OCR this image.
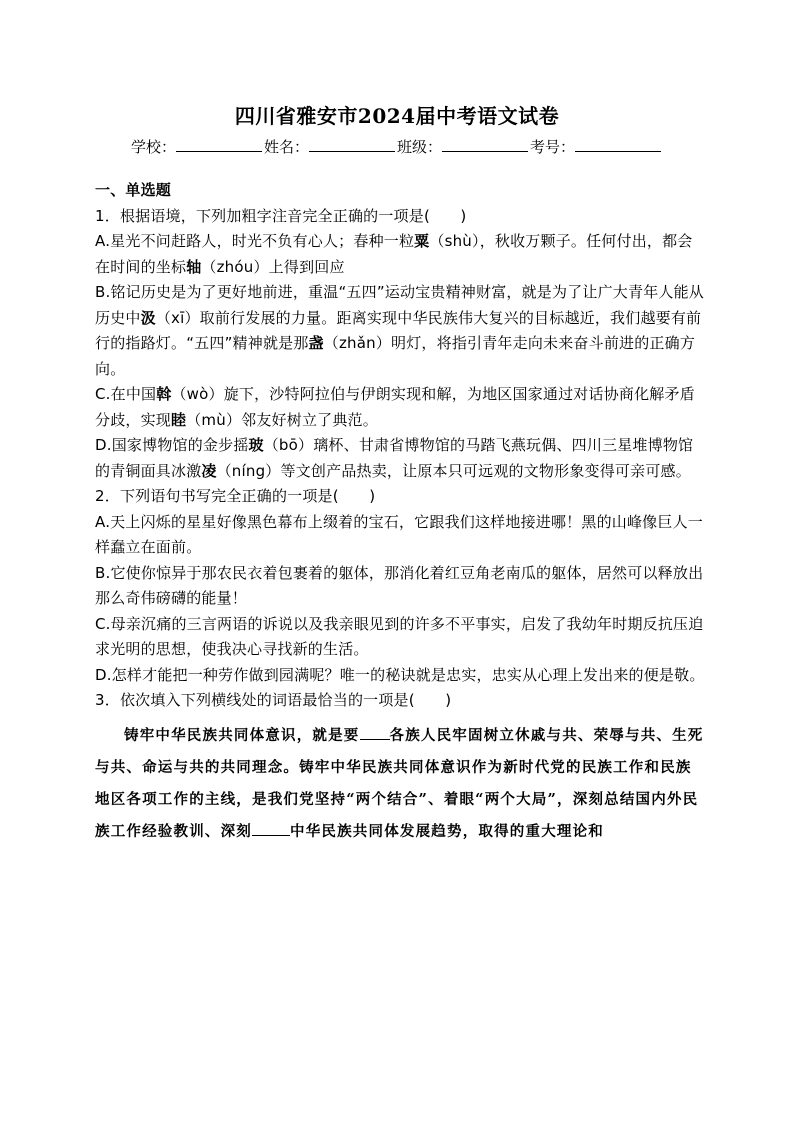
四川省雅安市2024届中考语文试卷
学校：	姓名：	班级：	考号：
一、单选题

1．根据语境，下列加粗字注音完全正确的一项是(　　)

A.星光不问赶路人，时光不负有心人；春种一粒粟（shù），秋收万颗子。任何付出，都会在时间的坐标轴（zhóu）上得到回应

B.铭记历史是为了更好地前进，重温“五四”运动宝贵精神财富，就是为了让广大青年人能从历史中汲（xī）取前行发展的力量。距离实现中华民族伟大复兴的目标越近，我们越要有前行的指路灯。“五四”精神就是那盏（zhǎn）明灯，将指引青年走向未来奋斗前进的正确方向。

C.在中国斡（wò）旋下，沙特阿拉伯与伊朗实现和解，为地区国家通过对话协商化解矛盾分歧，实现睦（mù）邻友好树立了典范。

D.国家博物馆的金步摇玻（bō）璃杯、甘肃省博物馆的马踏飞燕玩偶、四川三星堆博物馆的青铜面具冰激凌（níng）等文创产品热卖，让原本只可远观的文物形象变得可亲可感。

2．下列语句书写完全正确的一项是(　　)

A.天上闪烁的星星好像黑色幕布上缀着的宝石，它跟我们这样地接进哪！黑的山峰像巨人一样蠢立在面前。

B.它使你惊异于那农民衣着包裹着的躯体，那消化着红豆角老南瓜的躯体，居然可以释放出那么奇伟磅礴的能量！

C.母亲沉痛的三言两语的诉说以及我亲眼见到的许多不平事实，启发了我幼年时期反抗压迫求光明的思想，使我决心寻找新的生活。

D.怎样才能把一种劳作做到园满呢？唯一的秘诀就是忠实，忠实从心理上发出来的便是敬。

3．依次填入下列横线处的词语最恰当的一项是(　　)

铸牢中华民族共同体意识，就是要 各族人民牢固树立休戚与共、荣辱与共、生死与共、命运与共的共同理念。铸牢中华民族共同体意识作为新时代党的民族工作和民族地区各项工作的主线，是我们党坚持“两个结合”、着眼“两个大局”，深刻总结国内外民族工作经验教训、深刻	中华民族共同体发展趋势，取得的重大理论和
